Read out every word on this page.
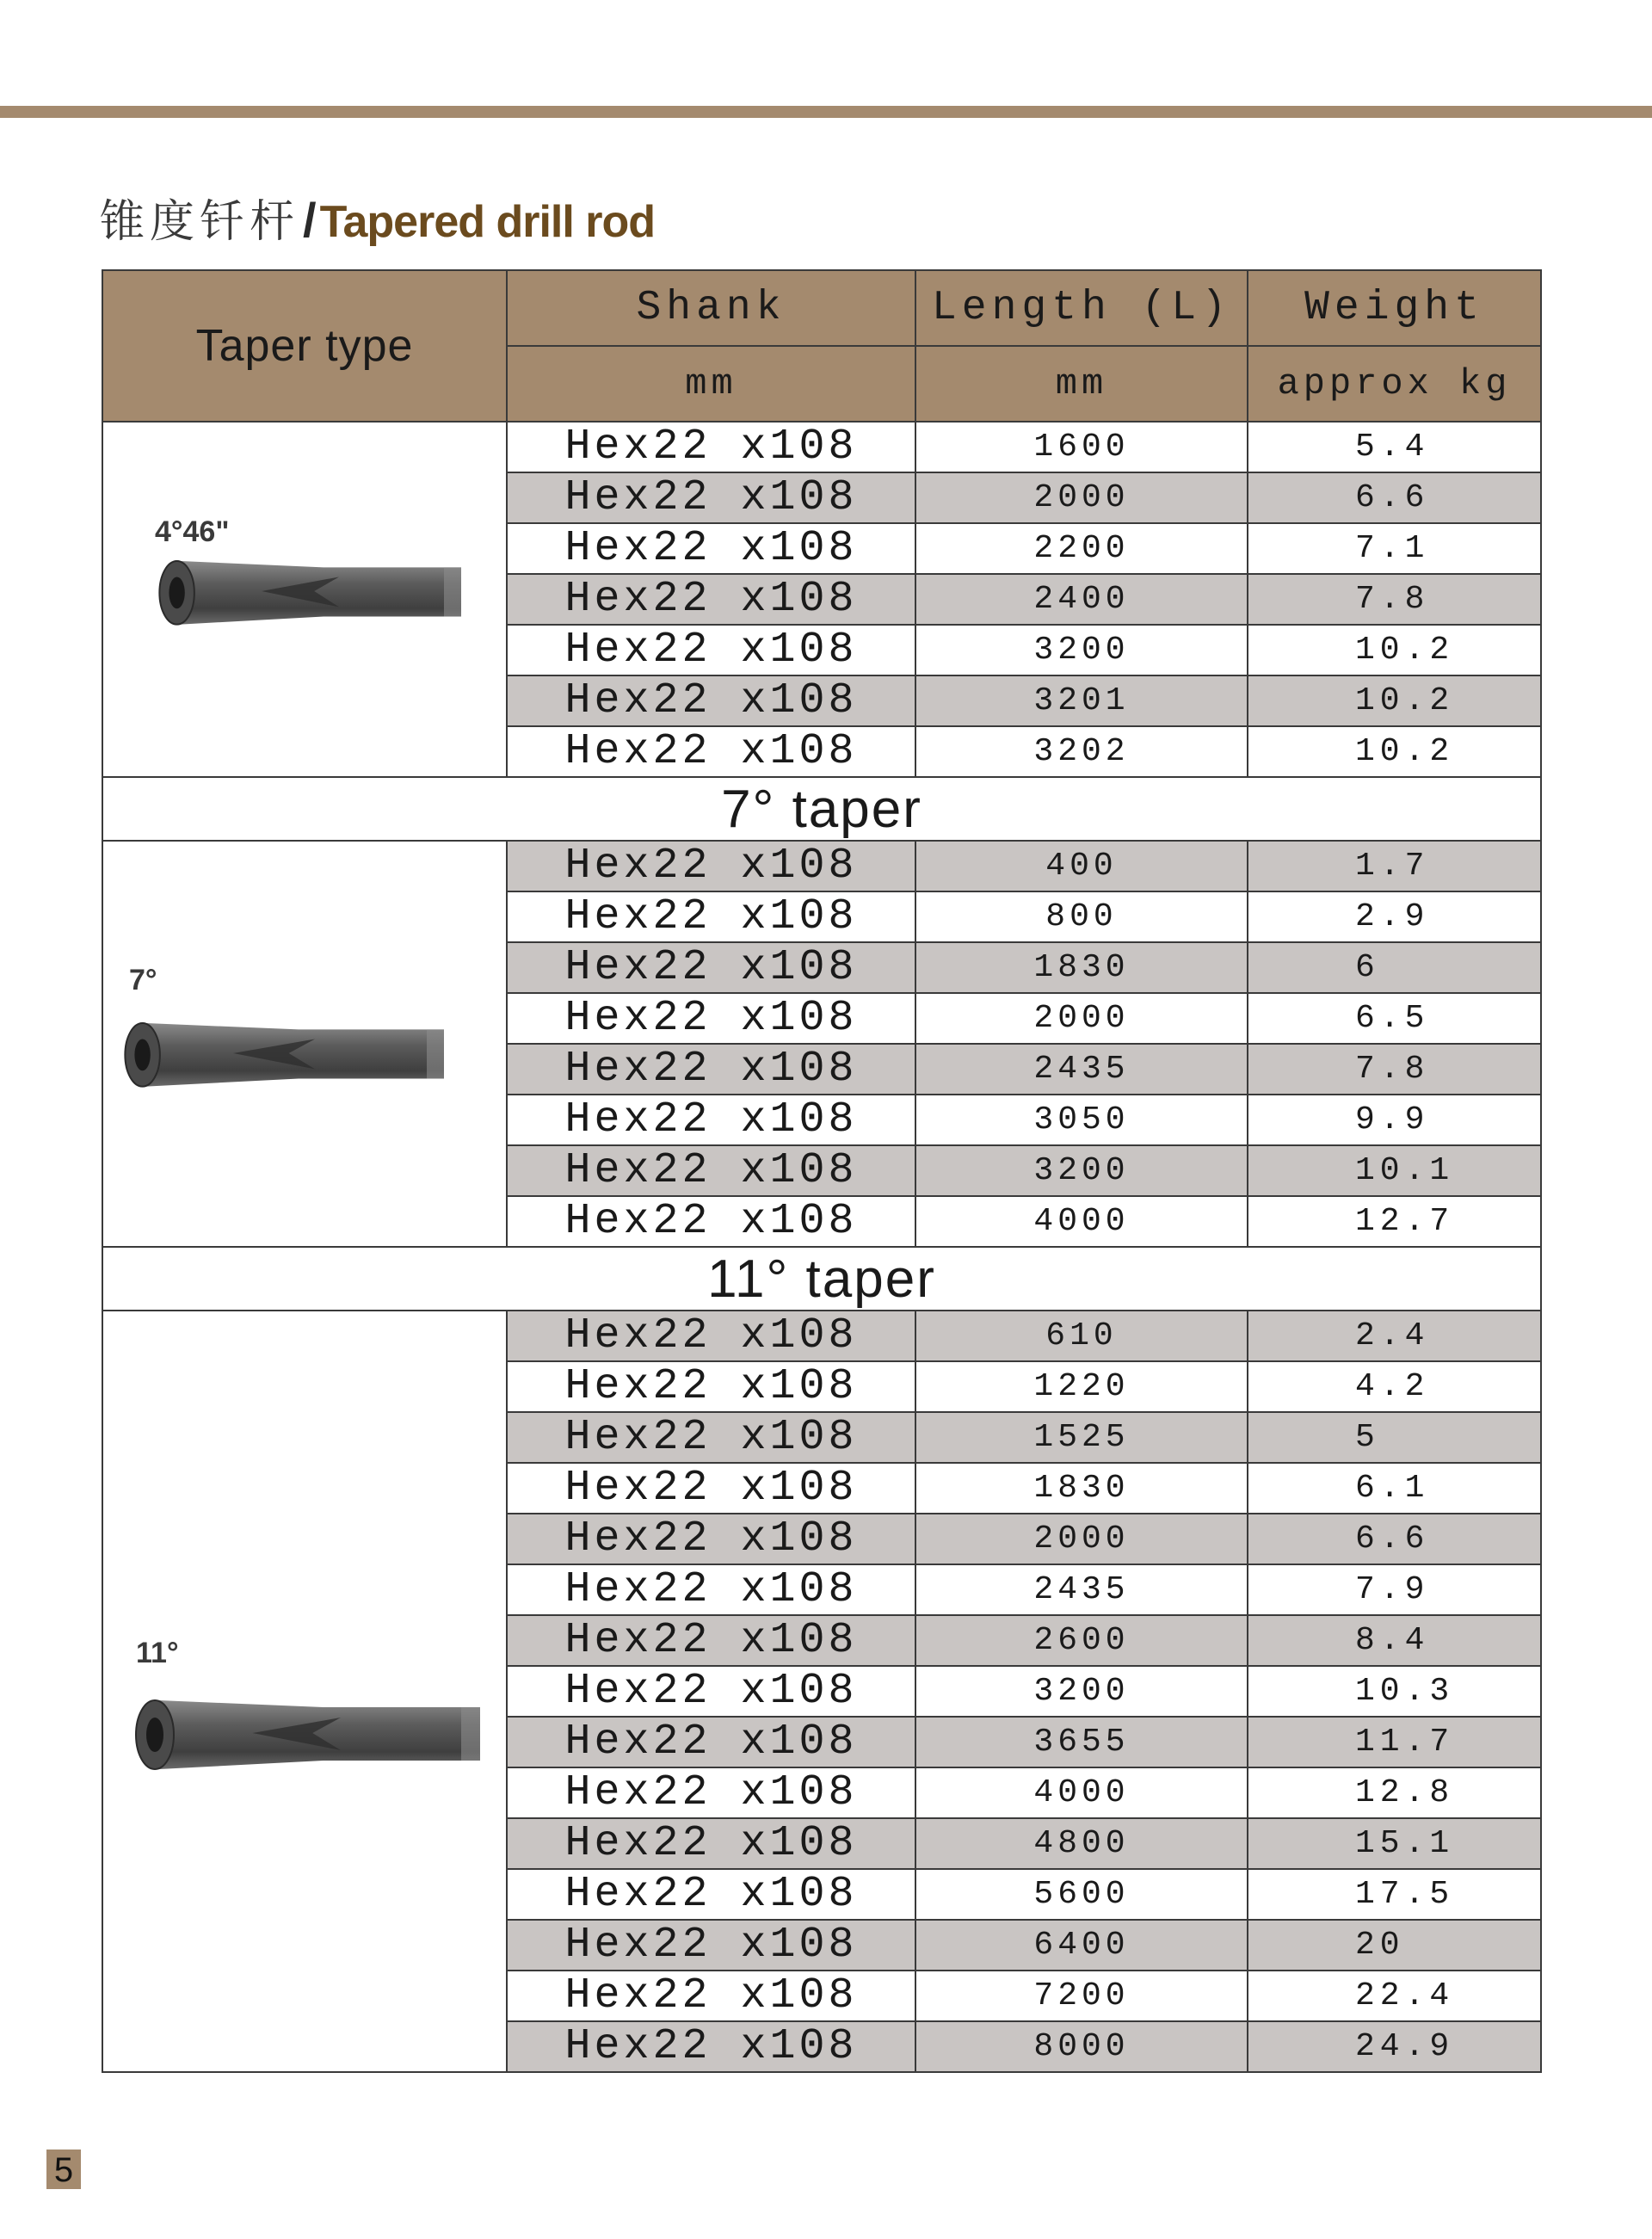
锥度钎杆 / Tapered drill rod
Taper type	Shank	Length (L)	Weight
	mm	mm	approx kg

4°46"	Hex22 x108	1600	5.4
	Hex22 x108	2000	6.6
	Hex22 x108	2200	7.1
	Hex22 x108	2400	7.8
	Hex22 x108	3200	10.2
	Hex22 x108	3201	10.2
	Hex22 x108	3202	10.2
7° taper			

7°	Hex22 x108	400	1.7
	Hex22 x108	800	2.9
	Hex22 x108	1830	6
	Hex22 x108	2000	6.5
	Hex22 x108	2435	7.8
	Hex22 x108	3050	9.9
	Hex22 x108	3200	10.1
	Hex22 x108	4000	12.7
11° taper			

11°	Hex22 x108	610	2.4
	Hex22 x108	1220	4.2
	Hex22 x108	1525	5
	Hex22 x108	1830	6.1
	Hex22 x108	2000	6.6
	Hex22 x108	2435	7.9
	Hex22 x108	2600	8.4
	Hex22 x108	3200	10.3
	Hex22 x108	3655	11.7
	Hex22 x108	4000	12.8
	Hex22 x108	4800	15.1
	Hex22 x108	5600	17.5
	Hex22 x108	6400	20
	Hex22 x108	7200	22.4
	Hex22 x108	8000	24.9
5
